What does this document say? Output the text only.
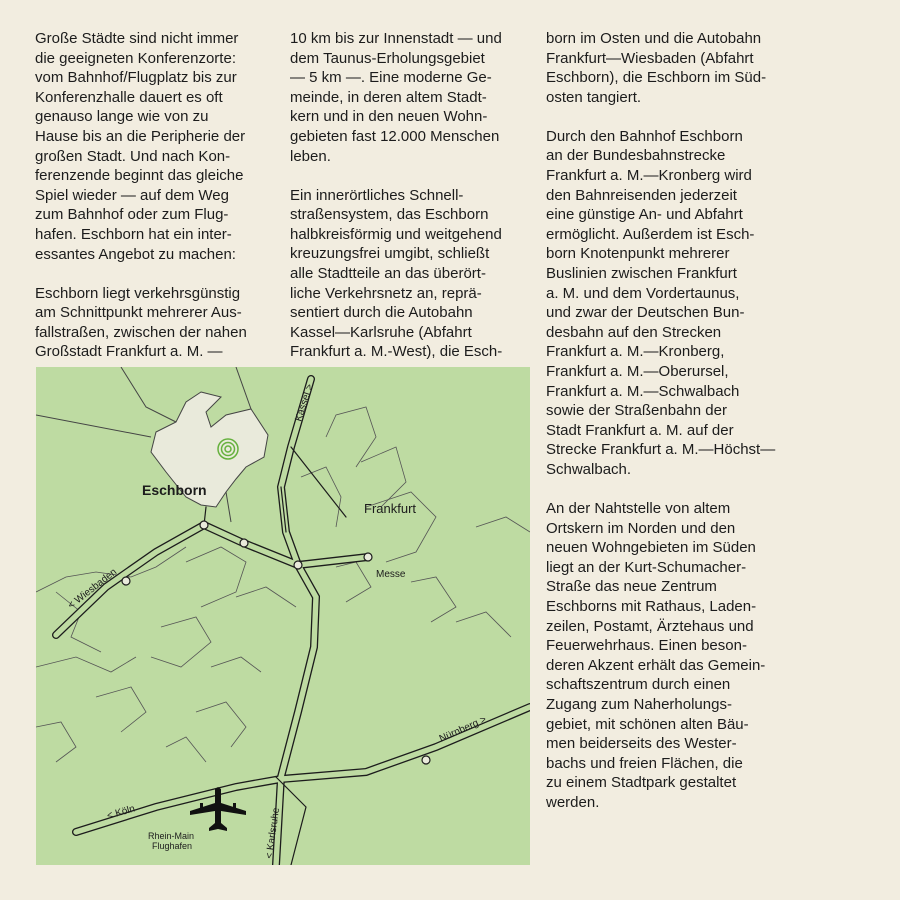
Große Städte sind nicht immer
die geeigneten Konferenzorte:
vom Bahnhof/Flugplatz bis zur
Konferenzhalle dauert es oft
genauso lange wie von zu
Hause bis an die Peripherie der
großen Stadt. Und nach Kon-
ferenzende beginnt das gleiche
Spiel wieder — auf dem Weg
zum Bahnhof oder zum Flug-
hafen. Eschborn hat ein inter-
essantes Angebot zu machen:

Eschborn liegt verkehrsgünstig
am Schnittpunkt mehrerer Aus-
fallstraßen, zwischen der nahen
Großstadt Frankfurt a. M. —

10 km bis zur Innenstadt — und
dem Taunus-Erholungsgebiet
— 5 km —. Eine moderne Ge-
meinde, in deren altem Stadt-
kern und in den neuen Wohn-
gebieten fast 12.000 Menschen
leben.

Ein innerörtliches Schnell-
straßensystem, das Eschborn
halbkreisförmig und weitgehend
kreuzungsfrei umgibt, schließt
alle Stadtteile an das überört-
liche Verkehrsnetz an, reprä-
sentiert durch die Autobahn
Kassel—Karlsruhe (Abfahrt
Frankfurt a. M.-West), die Esch-

born im Osten und die Autobahn
Frankfurt—Wiesbaden (Abfahrt
Eschborn), die Eschborn im Süd-
osten tangiert.

Durch den Bahnhof Eschborn
an der Bundesbahnstrecke
Frankfurt a. M.—Kronberg wird
den Bahnreisenden jederzeit
eine günstige An- und Abfahrt
ermöglicht. Außerdem ist Esch-
born Knotenpunkt mehrerer
Buslinien zwischen Frankfurt
a. M. und dem Vordertaunus,
und zwar der Deutschen Bun-
desbahn auf den Strecken
Frankfurt a. M.—Kronberg,
Frankfurt a. M.—Oberursel,
Frankfurt a. M.—Schwalbach
sowie der Straßenbahn der
Stadt Frankfurt a. M. auf der
Strecke Frankfurt a. M.—Höchst—
Schwalbach.

An der Nahtstelle von altem
Ortskern im Norden und den
neuen Wohngebieten im Süden
liegt an der Kurt-Schumacher-
Straße das neue Zentrum
Eschborns mit Rathaus, Laden-
zeilen, Postamt, Ärztehaus und
Feuerwehrhaus. Einen beson-
deren Akzent erhält das Gemein-
schaftszentrum durch einen
Zugang zum Naherholungs-
gebiet, mit schönen alten Bäu-
men beiderseits des Wester-
bachs und freien Flächen, die
zu einem Stadtpark gestaltet
werden.

Eschborn
Frankfurt
Messe
Kassel >
< Wiesbaden
Nürnberg >
< Köln	< Karlsruhe
Rhein-Main
Flughafen
